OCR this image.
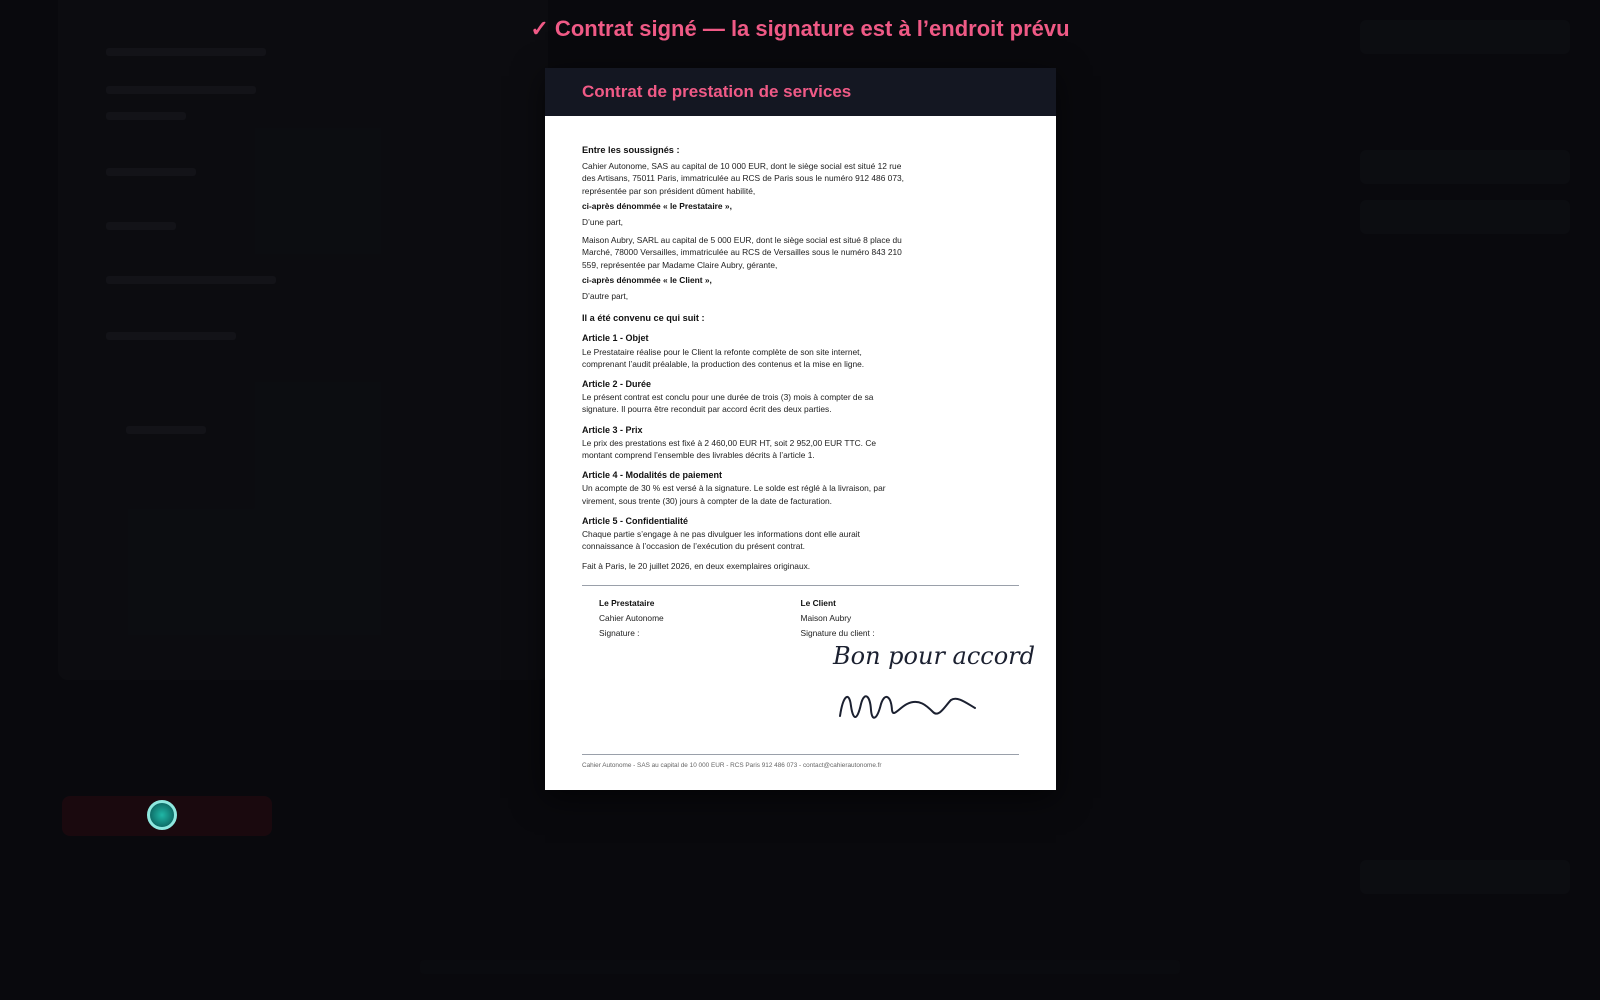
✓ Contrat signé — la signature est à l’endroit prévu
Contrat de prestation de services
Entre les soussignés :

Cahier Autonome, SAS au capital de 10 000 EUR, dont le siège social est situé 12 rue des Artisans, 75011 Paris, immatriculée au RCS de Paris sous le numéro 912 486 073, représentée par son président dûment habilité,

ci-après dénommée « le Prestataire »,

D’une part,

Maison Aubry, SARL au capital de 5 000 EUR, dont le siège social est situé 8 place du Marché, 78000 Versailles, immatriculée au RCS de Versailles sous le numéro 843 210 559, représentée par Madame Claire Aubry, gérante,

ci-après dénommée « le Client »,

D’autre part,

Il a été convenu ce qui suit :
Article 1 - Objet

Le Prestataire réalise pour le Client la refonte complète de son site internet, comprenant l’audit préalable, la production des contenus et la mise en ligne.

Article 2 - Durée

Le présent contrat est conclu pour une durée de trois (3) mois à compter de sa signature. Il pourra être reconduit par accord écrit des deux parties.

Article 3 - Prix

Le prix des prestations est fixé à 2 460,00 EUR HT, soit 2 952,00 EUR TTC. Ce montant comprend l’ensemble des livrables décrits à l’article 1.

Article 4 - Modalités de paiement

Un acompte de 30 % est versé à la signature. Le solde est réglé à la livraison, par virement, sous trente (30) jours à compter de la date de facturation.

Article 5 - Confidentialité

Chaque partie s’engage à ne pas divulguer les informations dont elle aurait connaissance à l’occasion de l’exécution du présent contrat.

Fait à Paris, le 20 juillet 2026, en deux exemplaires originaux.

Le Prestataire
Cahier Autonome
Signature :
Le Client
Maison Aubry
Signature du client :
Bon pour accord
Cahier Autonome - SAS au capital de 10 000 EUR - RCS Paris 912 486 073 - contact@cahierautonome.fr
